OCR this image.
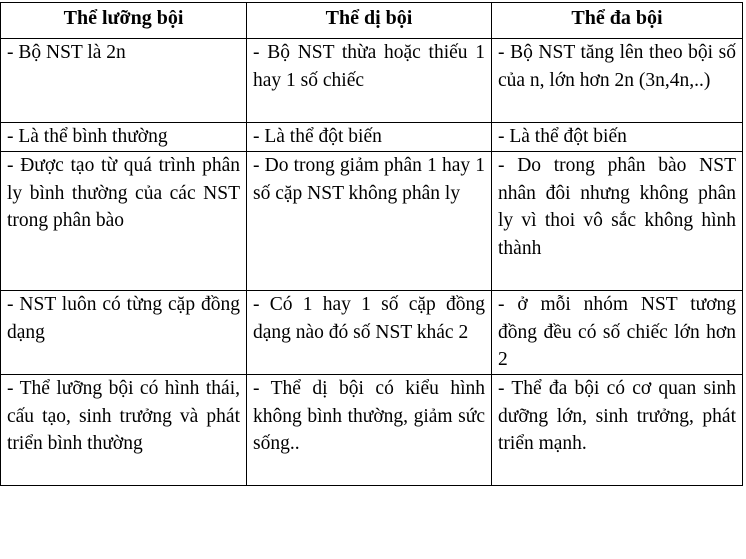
Thể lưỡng bội	Thể dị bội	Thể đa bội
- Bộ NST là 2n	- Bộ NST thừa hoặc thiếu 1 hay 1 số chiếc	- Bộ NST tăng lên theo bội số của n, lớn hơn 2n (3n,4n,..)
- Là thể bình thường	- Là thể đột biến	- Là thể đột biến
- Được tạo từ quá trình phân ly bình thường của các NST trong phân bào	- Do trong giảm phân 1 hay 1 số cặp NST không phân ly	- Do trong phân bào NST nhân đôi nhưng không phân ly vì thoi vô sắc không hình thành
- NST luôn có từng cặp đồng dạng	- Có 1 hay 1 số cặp đồng dạng nào đó số NST khác 2	- ở mỗi nhóm NST tương đồng đều có số chiếc lớn hơn 2
- Thể lưỡng bội có hình thái, cấu tạo, sinh trưởng và phát triển bình thường	- Thể dị bội có kiểu hình không bình thường, giảm sức sống..	- Thể đa bội có cơ quan sinh dưỡng lớn, sinh trưởng, phát triển mạnh.
